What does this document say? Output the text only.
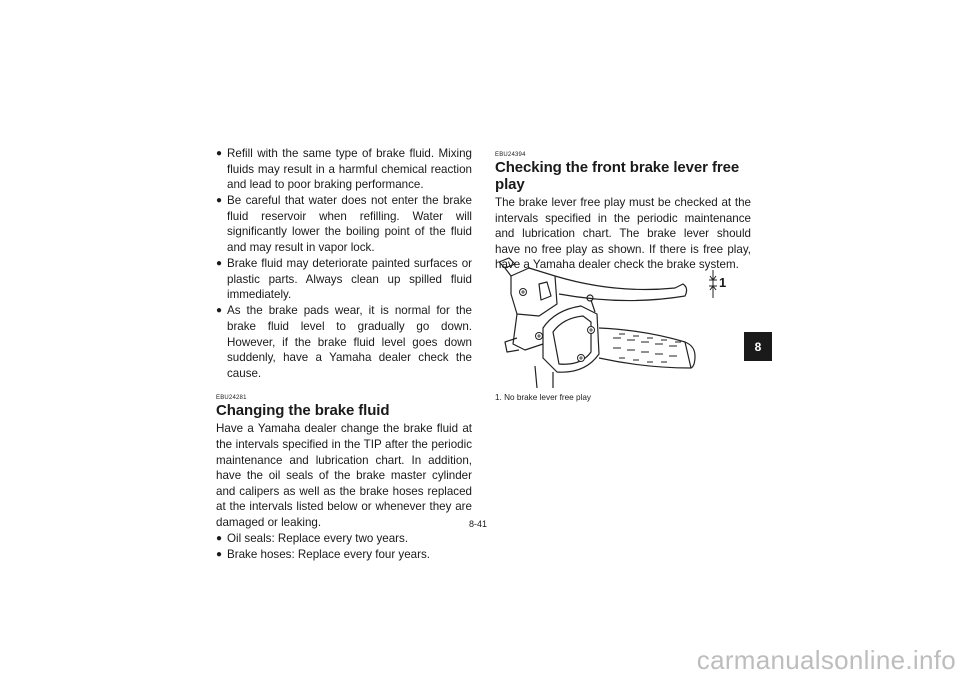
● Refill with the same type of brake fluid. Mixing fluids may result in a harmful chemical reaction and lead to poor braking performance.
● Be careful that water does not enter the brake fluid reservoir when refilling. Water will significantly lower the boiling point of the fluid and may result in vapor lock.
● Brake fluid may deteriorate painted surfaces or plastic parts. Always clean up spilled fluid immediately.
● As the brake pads wear, it is normal for the brake fluid level to gradually go down. However, if the brake fluid level goes down suddenly, have a Yamaha dealer check the cause.
EBU24281
Changing the brake fluid

Have a Yamaha dealer change the brake fluid at the intervals specified in the TIP after the periodic maintenance and lubrication chart. In addition, have the oil seals of the brake master cylinder and calipers as well as the brake hoses replaced at the intervals listed below or whenever they are damaged or leaking.

● Oil seals: Replace every two years.
● Brake hoses: Replace every four years.
EBU24394
Checking the front brake lever free play

The brake lever free play must be checked at the intervals specified in the periodic maintenance and lubrication chart. The brake lever should have no free play as shown. If there is free play, have a Yamaha dealer check the brake system.

1
1. No brake lever free play
8-41
8
carmanualsonline.info
